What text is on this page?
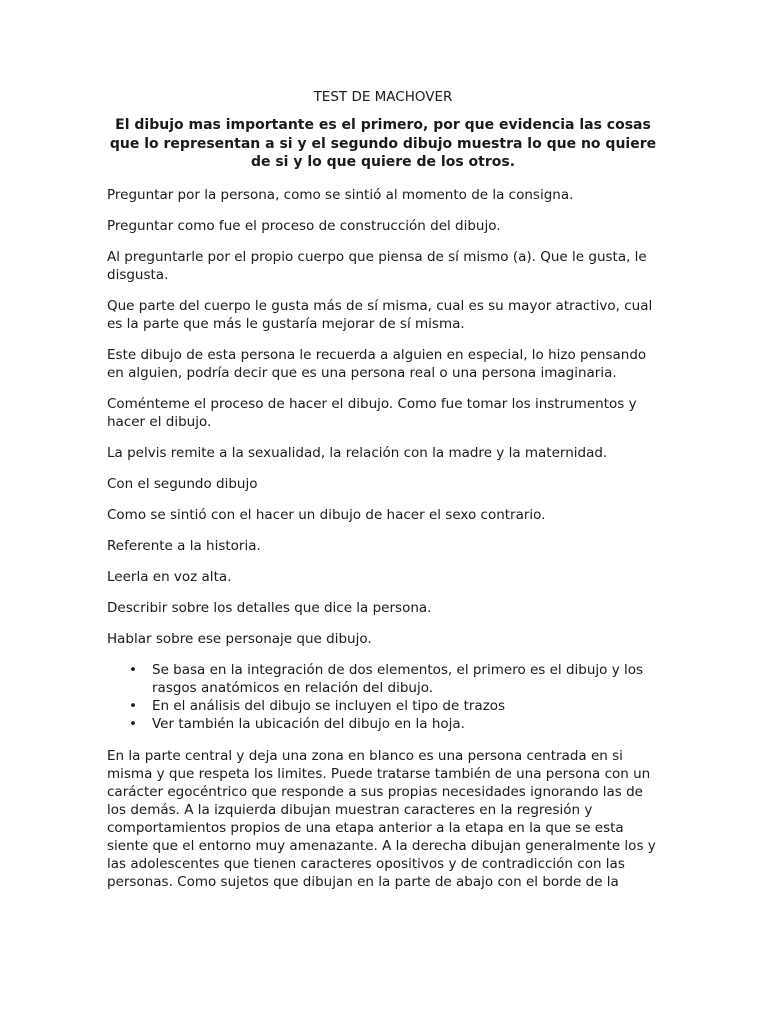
TEST DE MACHOVER
El dibujo mas importante es el primero, por que evidencia las cosas que lo representan a si y el segundo dibujo muestra lo que no quiere de si y lo que quiere de los otros.
Preguntar por la persona, como se sintió al momento de la consigna.
Preguntar como fue el proceso de construcción del dibujo.
Al preguntarle por el propio cuerpo que piensa de sí mismo (a). Que le gusta, le disgusta.
Que parte del cuerpo le gusta más de sí misma, cual es su mayor atractivo, cual es la parte que más le gustaría mejorar de sí misma.
Este dibujo de esta persona le recuerda a alguien en especial, lo hizo pensando en alguien, podría decir que es una persona real o una persona imaginaria.
Coménteme el proceso de hacer el dibujo. Como fue tomar los instrumentos y hacer el dibujo.
La pelvis remite a la sexualidad, la relación con la madre y la maternidad.
Con el segundo dibujo
Como se sintió con el hacer un dibujo de hacer el sexo contrario.
Referente a la historia.
Leerla en voz alta.
Describir sobre los detalles que dice la persona.
Hablar sobre ese personaje que dibujo.
• Se basa en la integración de dos elementos, el primero es el dibujo y los rasgos anatómicos en relación del dibujo.
• En el análisis del dibujo se incluyen el tipo de trazos
• Ver también la ubicación del dibujo en la hoja.
En la parte central y deja una zona en blanco es una persona centrada en si misma y que respeta los limites. Puede tratarse también de una persona con un carácter egocéntrico que responde a sus propias necesidades ignorando las de los demás. A la izquierda dibujan muestran caracteres en la regresión y comportamientos propios de una etapa anterior a la etapa en la que se esta siente que el entorno muy amenazante. A la derecha dibujan generalmente los y las adolescentes que tienen caracteres opositivos y de contradicción con las personas. Como sujetos que dibujan en la parte de abajo con el borde de la
